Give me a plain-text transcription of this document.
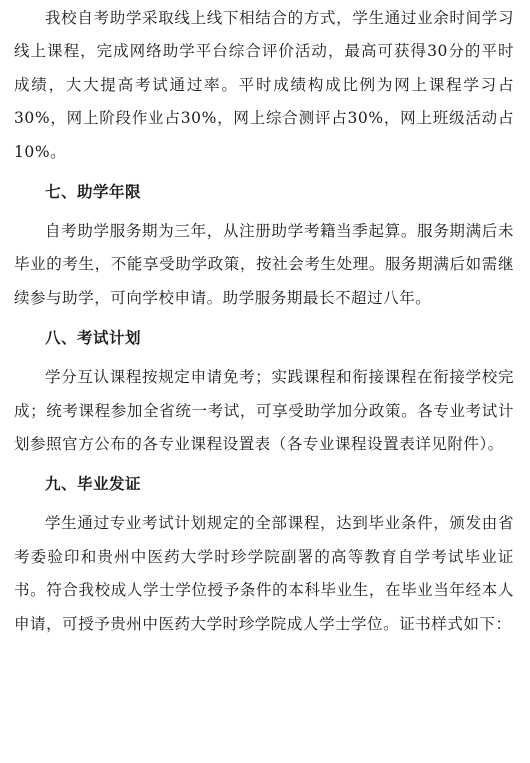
我校自考助学采取线上线下相结合的方式，学生通过业余时间学习线上课程，完成网络助学平台综合评价活动，最高可获得30分的平时成绩，大大提高考试通过率。平时成绩构成比例为网上课程学习占30%，网上阶段作业占30%，网上综合测评占30%，网上班级活动占10%。

七、助学年限

自考助学服务期为三年，从注册助学考籍当季起算。服务期满后未毕业的考生，不能享受助学政策，按社会考生处理。服务期满后如需继续参与助学，可向学校申请。助学服务期最长不超过八年。

八、考试计划

学分互认课程按规定申请免考；实践课程和衔接课程在衔接学校完成；统考课程参加全省统一考试，可享受助学加分政策。各专业考试计划参照官方公布的各专业课程设置表（各专业课程设置表详见附件）。

九、毕业发证

学生通过专业考试计划规定的全部课程，达到毕业条件，颁发由省考委验印和贵州中医药大学时珍学院副署的高等教育自学考试毕业证书。符合我校成人学士学位授予条件的本科毕业生，在毕业当年经本人申请，可授予贵州中医药大学时珍学院成人学士学位。证书样式如下：
